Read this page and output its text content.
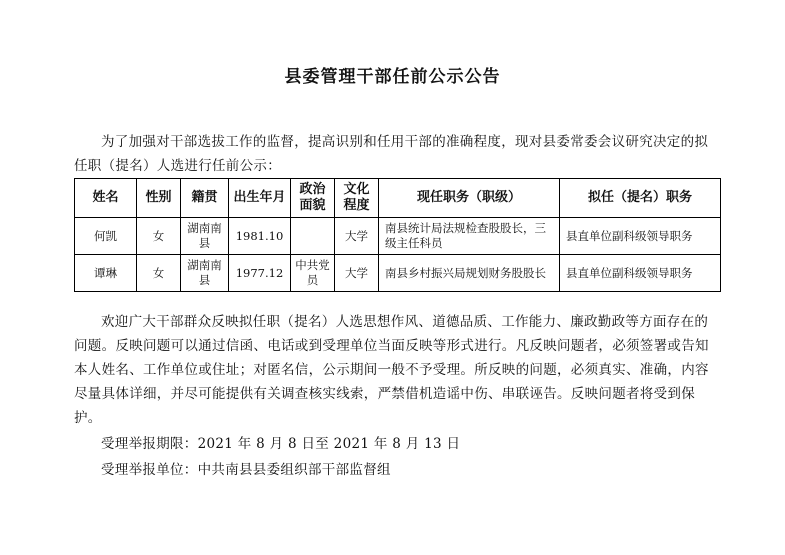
县委管理干部任前公示公告

为了加强对干部选拔工作的监督，提高识别和任用干部的准确程度，现对县委常委会议研究决定的拟任职（提名）人选进行任前公示：

姓名	性别	籍贯	出生年月	政治面貌	文化程度	现任职务（职级）	拟任（提名）职务
何凯	女	湖南南县	1981.10		大学	南县统计局法规检查股股长，三级主任科员	县直单位副科级领导职务
谭琳	女	湖南南县	1977.12	中共党员	大学	南县乡村振兴局规划财务股股长	县直单位副科级领导职务

欢迎广大干部群众反映拟任职（提名）人选思想作风、道德品质、工作能力、廉政勤政等方面存在的问题。反映问题可以通过信函、电话或到受理单位当面反映等形式进行。凡反映问题者，必须签署或告知本人姓名、工作单位或住址；对匿名信，公示期间一般不予受理。所反映的问题，必须真实、准确，内容尽量具体详细，并尽可能提供有关调查核实线索，严禁借机造谣中伤、串联诬告。反映问题者将受到保护。

受理举报期限：2021 年 8 月 8 日至 2021 年 8 月 13 日
受理举报单位：中共南县县委组织部干部监督组
